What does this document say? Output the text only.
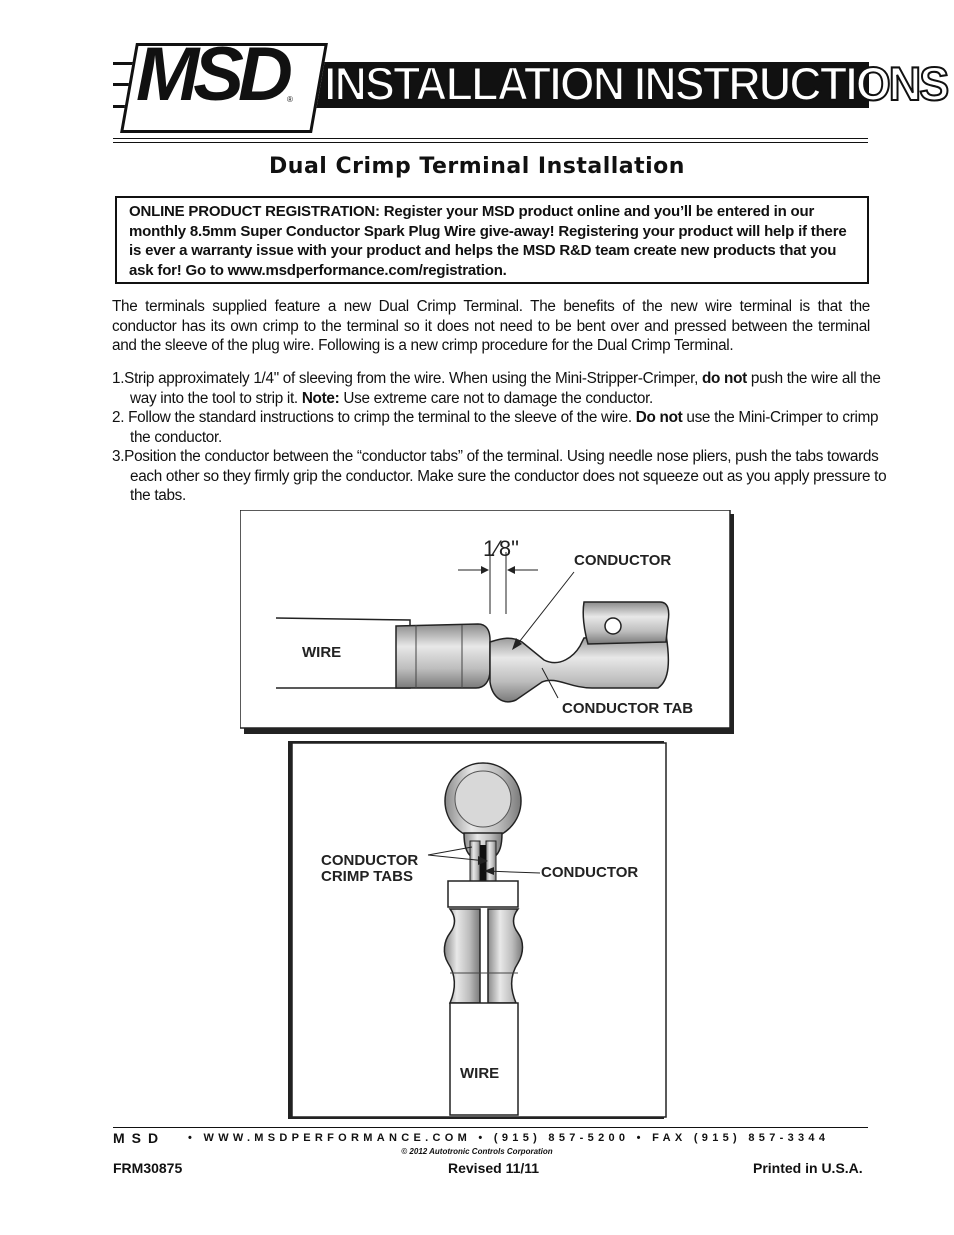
INSTALLATION INSTRUCTIONS
MSD ®
Dual Crimp Terminal Installation
ONLINE PRODUCT REGISTRATION: Register your MSD product online and you’ll be entered in our monthly 8.5mm Super Conductor Spark Plug Wire give-away! Registering your product will help if there is ever a warranty issue with your product and helps the MSD R&D team create new products that you ask for! Go to www.msdperformance.com/registration.
The terminals supplied feature a new Dual Crimp Terminal. The benefits of the new wire terminal is that the conductor has its own crimp to the terminal so it does not need to be bent over and pressed between the terminal and the sleeve of the plug wire. Following is a new crimp procedure for the Dual Crimp Terminal.
1.Strip approximately 1/4" of sleeving from the wire. When using the Mini-Stripper-Crimper, do not push the wire all the way into the tool to strip it. Note: Use extreme care not to damage the conductor.
2. Follow the standard instructions to crimp the terminal to the sleeve of the wire. Do not use the Mini-Crimper to crimp the conductor.
3.Position the conductor between the “conductor tabs” of the terminal. Using needle nose pliers, push the tabs towards each other so they firmly grip the conductor. Make sure the conductor does not squeeze out as you apply pressure to the tabs.
1⁄8"	CONDUCTOR
WIRE
CONDUCTOR TAB
CONDUCTOR
CRIMP TABS	CONDUCTOR
WIRE
MSD • WWW.MSDPERFORMANCE.COM • (915) 857-5200 • FAX (915) 857-3344
© 2012 Autotronic Controls Corporation
FRM30875	Revised 11/11	Printed in U.S.A.
